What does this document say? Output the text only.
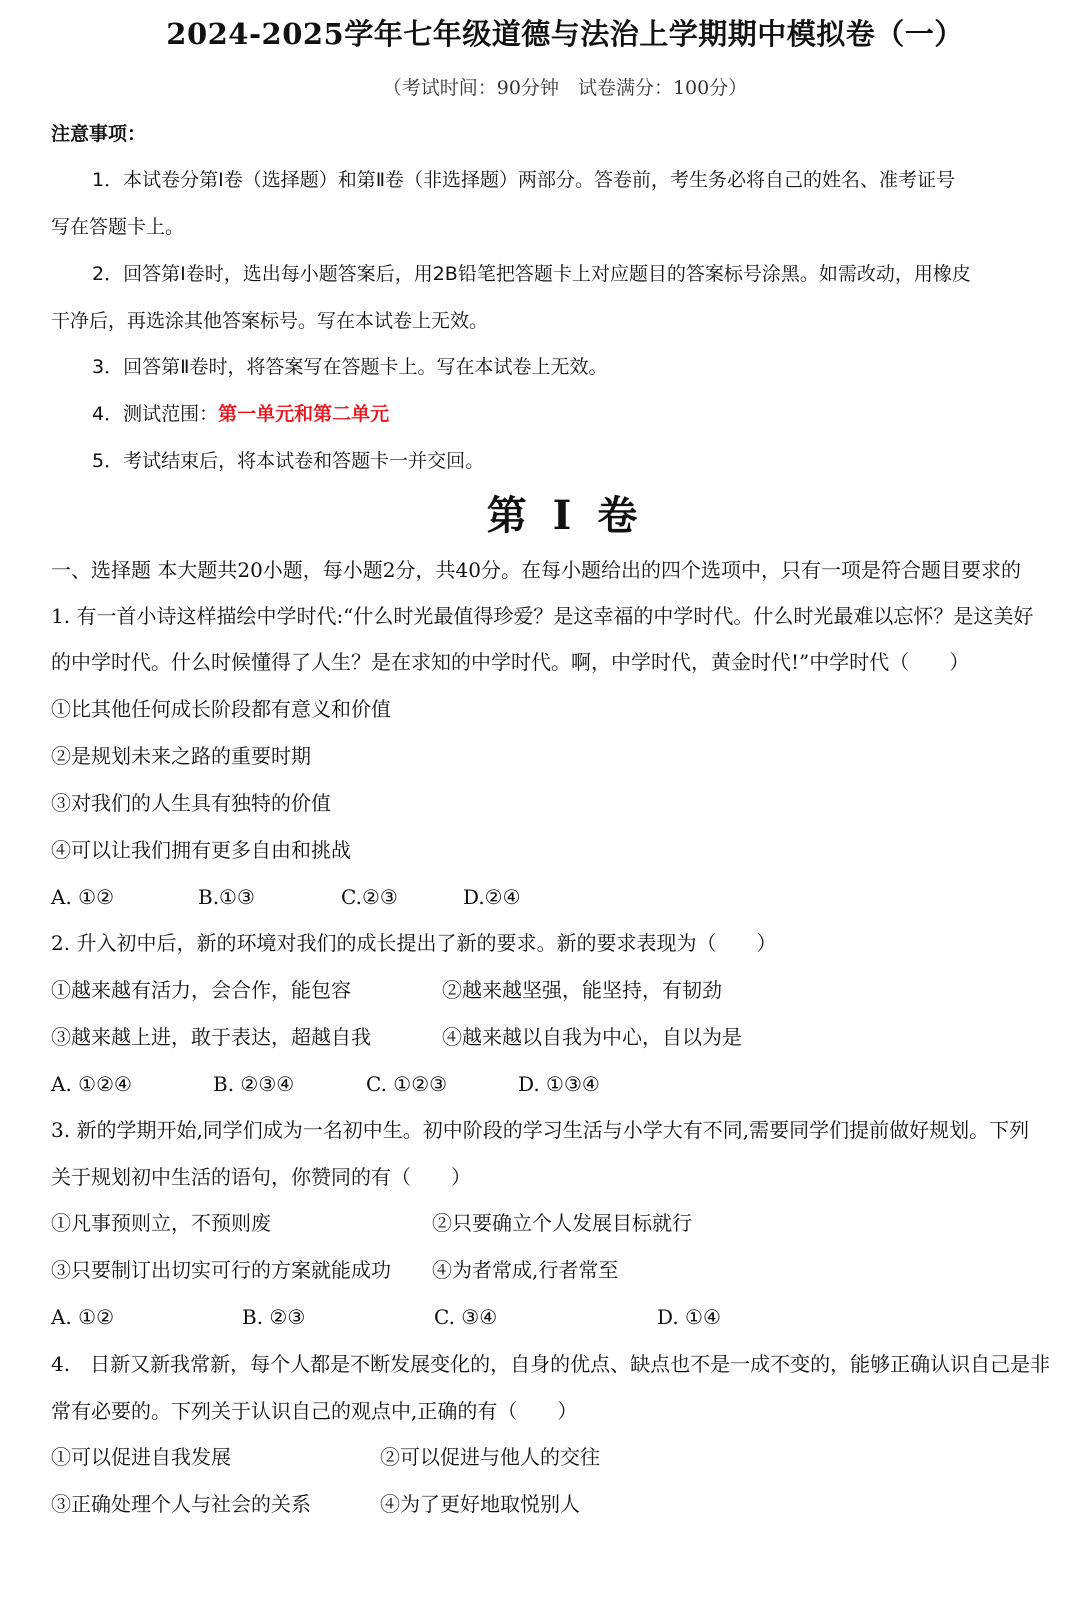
2024-2025学年七年级道德与法治上学期期中模拟卷（一）
（考试时间：90分钟　试卷满分：100分）
注意事项：
1．本试卷分第Ⅰ卷（选择题）和第Ⅱ卷（非选择题）两部分。答卷前，考生务必将自己的姓名、准考证号
写在答题卡上。
2．回答第Ⅰ卷时，选出每小题答案后，用2B铅笔把答题卡上对应题目的答案标号涂黑。如需改动，用橡皮
干净后，再选涂其他答案标号。写在本试卷上无效。
3．回答第Ⅱ卷时，将答案写在答题卡上。写在本试卷上无效。
4．测试范围：第一单元和第二单元
5．考试结束后，将本试卷和答题卡一并交回。
第 I 卷
一、选择题 本大题共20小题，每小题2分，共40分。在每小题给出的四个选项中，只有一项是符合题目要求的
1. 有一首小诗这样描绘中学时代:“什么时光最值得珍爱？是这幸福的中学时代。什么时光最难以忘怀？是这美好
的中学时代。什么时候懂得了人生？是在求知的中学时代。啊，中学时代，黄金时代!”中学时代（　　）
①比其他任何成长阶段都有意义和价值
②是规划未来之路的重要时期
③对我们的人生具有独特的价值
④可以让我们拥有更多自由和挑战
A. ①②	B.①③	C.②③	D.②④
2. 升入初中后，新的环境对我们的成长提出了新的要求。新的要求表现为（　　）
①越来越有活力，会合作，能包容	②越来越坚强，能坚持，有韧劲
③越来越上进，敢于表达，超越自我	④越来越以自我为中心，自以为是
A. ①②④	B. ②③④	C. ①②③	D. ①③④
3. 新的学期开始,同学们成为一名初中生。初中阶段的学习生活与小学大有不同,需要同学们提前做好规划。下列
关于规划初中生活的语句，你赞同的有（　　）
①凡事预则立，不预则废	②只要确立个人发展目标就行
③只要制订出切实可行的方案就能成功 ④为者常成,行者常至
A. ①②	B. ②③	C. ③④	D. ①④
4.　日新又新我常新，每个人都是不断发展变化的，自身的优点、缺点也不是一成不变的，能够正确认识自己是非
常有必要的。下列关于认识自己的观点中,正确的有（　　）
①可以促进自我发展	②可以促进与他人的交往
③正确处理个人与社会的关系	④为了更好地取悦别人
